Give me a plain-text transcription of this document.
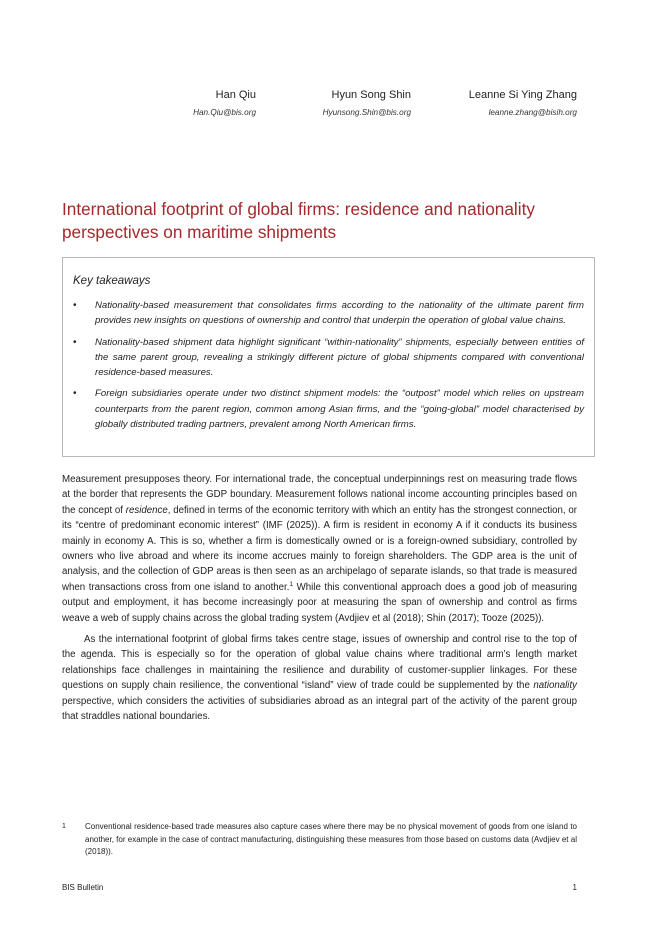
Han Qiu
Han.Qiu@bis.org
Hyun Song Shin
Hyunsong.Shin@bis.org
Leanne Si Ying Zhang
leanne.zhang@bisih.org
International footprint of global firms: residence and nationality perspectives on maritime shipments
Key takeaways
• Nationality-based measurement that consolidates firms according to the nationality of the ultimate parent firm provides new insights on questions of ownership and control that underpin the operation of global value chains.
• Nationality-based shipment data highlight significant “within-nationality” shipments, especially between entities of the same parent group, revealing a strikingly different picture of global shipments compared with conventional residence-based measures.
• Foreign subsidiaries operate under two distinct shipment models: the “outpost” model which relies on upstream counterparts from the parent region, common among Asian firms, and the “going-global” model characterised by globally distributed trading partners, prevalent among North American firms.

Measurement presupposes theory. For international trade, the conceptual underpinnings rest on measuring trade flows at the border that represents the GDP boundary. Measurement follows national income accounting principles based on the concept of residence, defined in terms of the economic territory with which an entity has the strongest connection, or its “centre of predominant economic interest” (IMF (2025)). A firm is resident in economy A if it conducts its business mainly in economy A. This is so, whether a firm is domestically owned or is a foreign-owned subsidiary, controlled by owners who live abroad and where its income accrues mainly to foreign shareholders. The GDP area is the unit of analysis, and the collection of GDP areas is then seen as an archipelago of separate islands, so that trade is measured when transactions cross from one island to another.$^1$ While this conventional approach does a good job of measuring output and employment, it has become increasingly poor at measuring the span of ownership and control as firms weave a web of supply chains across the global trading system (Avdjiev et al (2018); Shin (2017); Tooze (2025)).

As the international footprint of global firms takes centre stage, issues of ownership and control rise to the top of the agenda. This is especially so for the operation of global value chains where traditional arm’s length market relationships face challenges in maintaining the resilience and durability of customer-supplier linkages. For these questions on supply chain resilience, the conventional “island” view of trade could be supplemented by the nationality perspective, which considers the activities of subsidiaries abroad as an integral part of the activity of the parent group that straddles national boundaries.

1 Conventional residence-based trade measures also capture cases where there may be no physical movement of goods from one island to another, for example in the case of contract manufacturing, distinguishing these measures from those based on customs data (Avdjiev et al (2018)).
BIS Bulletin	1
